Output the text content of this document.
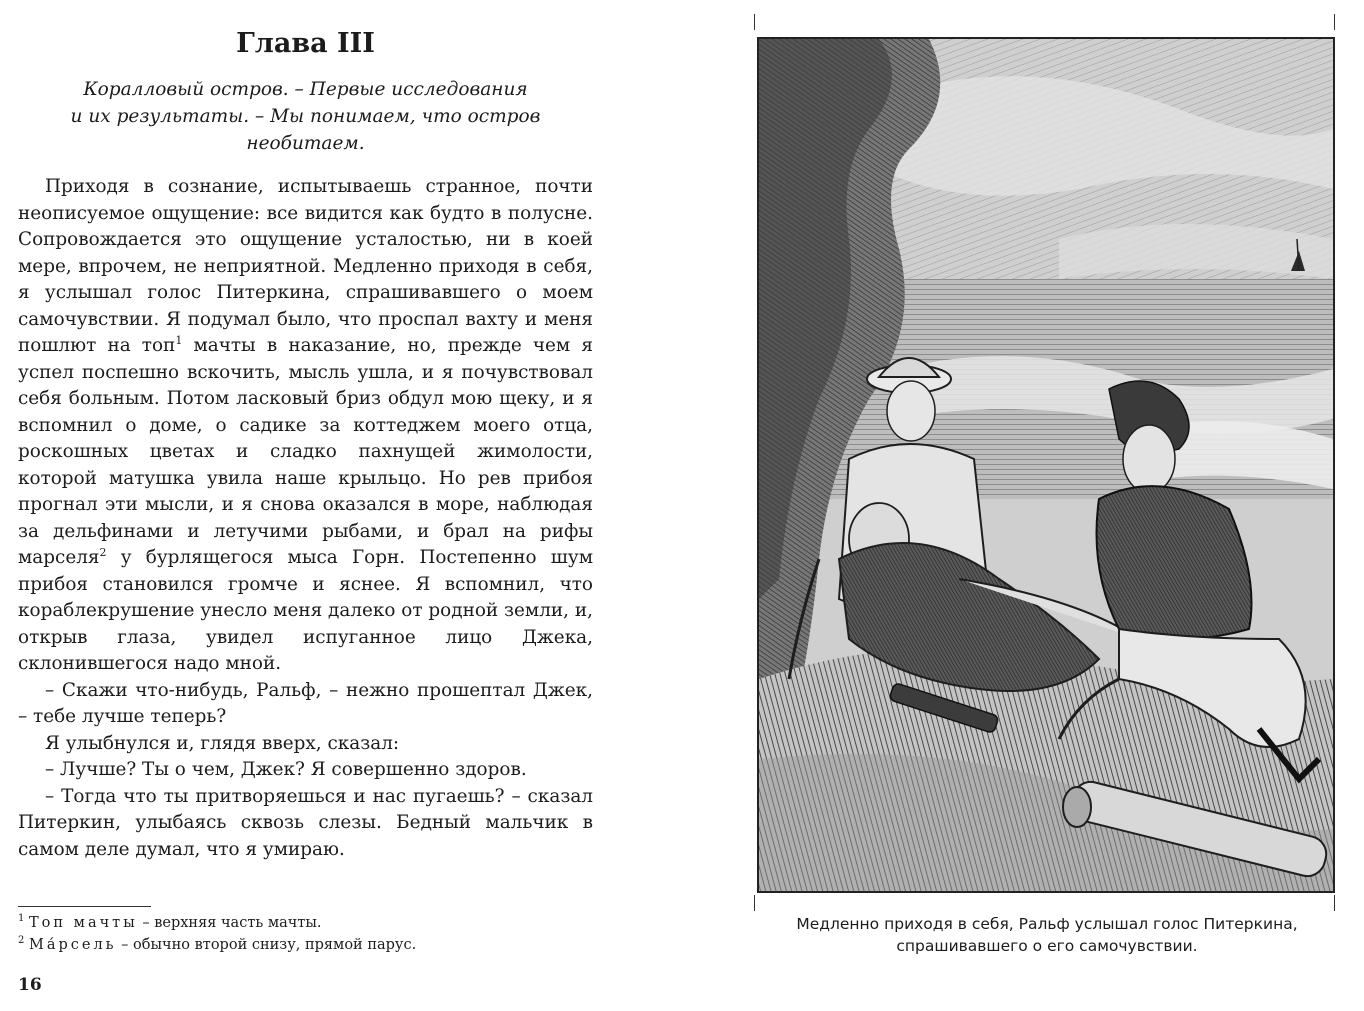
Глава III
Коралловый остров. – Первые исследования
и их результаты. – Мы понимаем, что остров
необитаем.

Приходя в сознание, испытываешь странное, почти неописуемое ощущение: все видится как будто в полусне. Сопровождается это ощущение усталостью, ни в коей мере, впрочем, не неприятной. Медленно приходя в себя, я услышал голос Питеркина, спрашивавшего о моем самочувствии. Я подумал было, что проспал вахту и меня пошлют на топ$^1$ мачты в наказание, но, прежде чем я успел поспешно вскочить, мысль ушла, и я почувствовал себя больным. Потом ласковый бриз обдул мою щеку, и я вспомнил о доме, о садике за коттеджем моего отца, роскошных цветах и сладко пахнущей жимолости, которой матушка увила наше крыльцо. Но рев прибоя прогнал эти мысли, и я снова оказался в море, наблюдая за дельфинами и летучими рыбами, и брал на рифы марселя$^2$ у бурлящегося мыса Горн. Постепенно шум прибоя становился громче и яснее. Я вспомнил, что кораблекрушение унесло меня далеко от родной земли, и, открыв глаза, увидел испуганное лицо Джека, склонившегося надо мной.

– Скажи что-нибудь, Ральф, – нежно прошептал Джек, – тебе лучше теперь?

Я улыбнулся и, глядя вверх, сказал:

– Лучше? Ты о чем, Джек? Я совершенно здоров.

– Тогда что ты притворяешься и нас пугаешь? – сказал Питеркин, улыбаясь сквозь слезы. Бедный мальчик в самом деле думал, что я умираю.

$^1$ Топ мачты – верхняя часть мачты.

$^2$ Ма́рсель – обычно второй снизу, прямой парус.

16

Медленно приходя в себя, Ральф услышал голос Питеркина,
спрашивавшего о его самочувствии.
